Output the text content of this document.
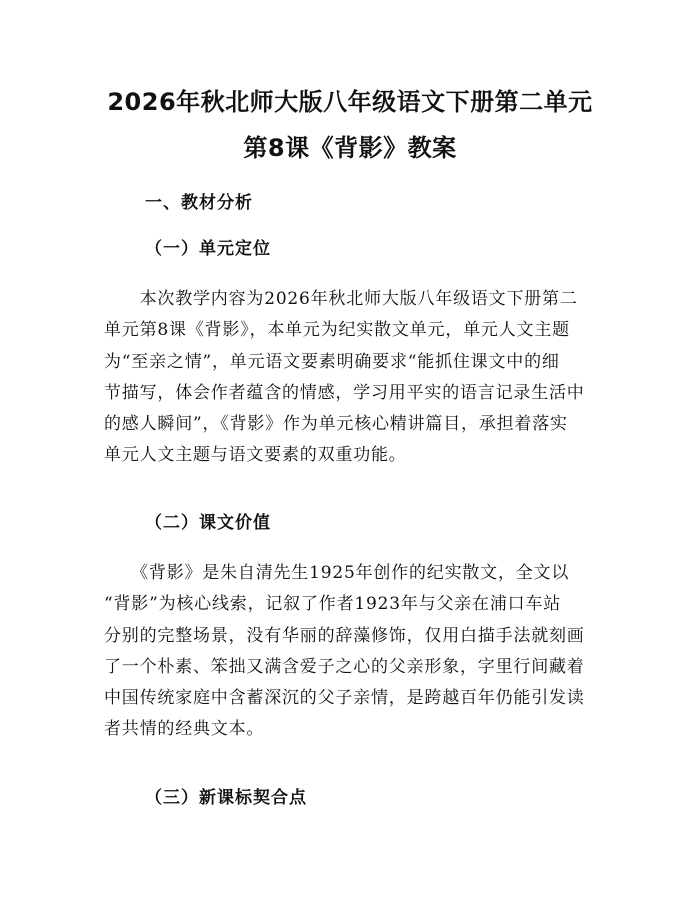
2026年秋北师大版八年级语文下册第二单元
第8课《背影》教案
一、教材分析
（一）单元定位

　　本次教学内容为2026年秋北师大版八年级语文下册第二
单元第8课《背影》，本单元为纪实散文单元，单元人文主题
为“至亲之情”，单元语文要素明确要求“能抓住课文中的细
节描写，体会作者蕴含的情感，学习用平实的语言记录生活中
的感人瞬间”，《背影》作为单元核心精讲篇目，承担着落实
单元人文主题与语文要素的双重功能。

（二）课文价值

　　《背影》是朱自清先生1925年创作的纪实散文，全文以
“背影”为核心线索，记叙了作者1923年与父亲在浦口车站
分别的完整场景，没有华丽的辞藻修饰，仅用白描手法就刻画
了一个朴素、笨拙又满含爱子之心的父亲形象，字里行间藏着
中国传统家庭中含蓄深沉的父子亲情，是跨越百年仍能引发读
者共情的经典文本。

（三）新课标契合点
